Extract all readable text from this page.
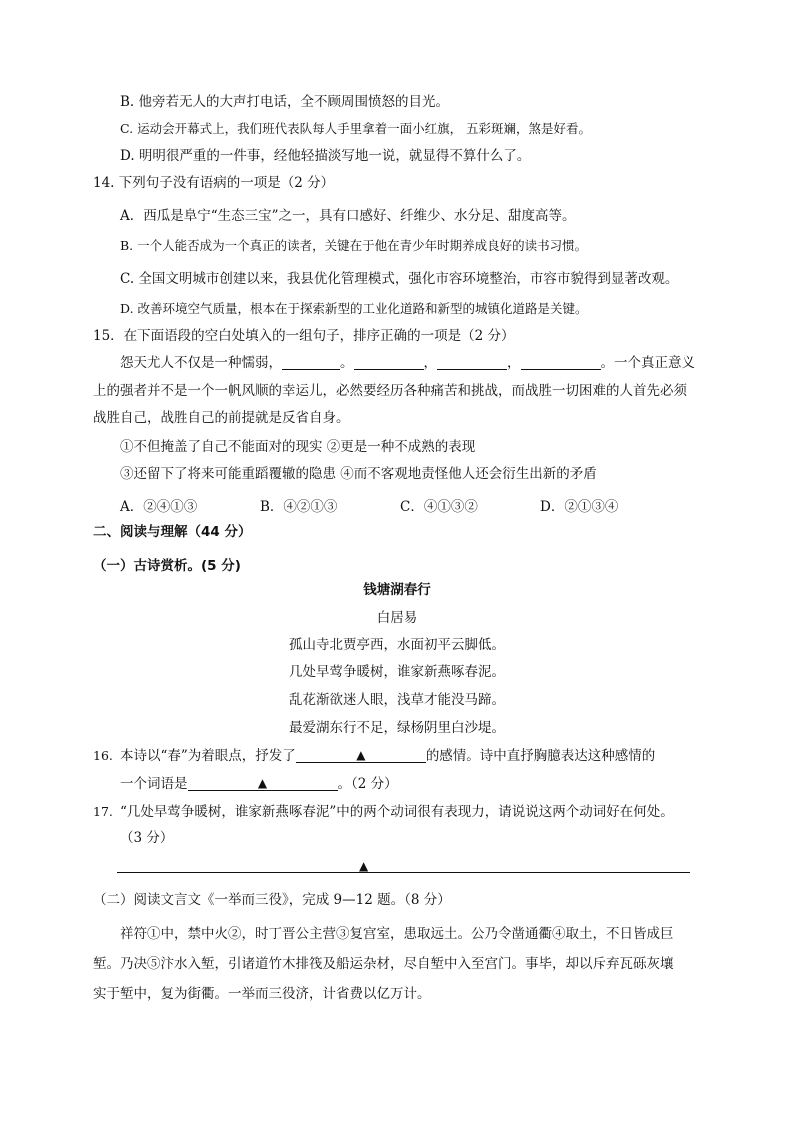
B. 他旁若无人的大声打电话，全不顾周围愤怒的目光。
C. 运动会开幕式上，我们班代表队每人手里拿着一面小红旗， 五彩斑斓，煞是好看。
D. 明明很严重的一件事，经他轻描淡写地一说，就显得不算什么了。
14. 下列句子没有语病的一项是（2 分）
A．西瓜是阜宁“生态三宝”之一，具有口感好、纤维少、水分足、甜度高等。
B. 一个人能否成为一个真正的读者，关键在于他在青少年时期养成良好的读书习惯。
C. 全国文明城市创建以来，我县优化管理模式，强化市容环境整治，市容市貌得到显著改观。
D. 改善环境空气质量，根本在于探索新型的工业化道路和新型的城镇化道路是关键。
15．在下面语段的空白处填入的一组句子，排序正确的一项是（2 分）
怨天尤人不仅是一种懦弱，	。	，	，	。一个真正意义
上的强者并不是一个一帆风顺的幸运儿，必然要经历各种痛苦和挑战，而战胜一切困难的人首先必须
战胜自己，战胜自己的前提就是反省自身。
①不但掩盖了自己不能面对的现实 ②更是一种不成熟的表现
③还留下了将来可能重蹈覆辙的隐患 ④而不客观地责怪他人还会衍生出新的矛盾
A．②④①③	B．④②①③	C．④①③②	D．②①③④
二、阅读与理解（44 分）
（一）古诗赏析。(5 分)
钱塘湖春行
白居易
孤山寺北贾亭西，水面初平云脚低。
几处早莺争暖树，谁家新燕啄春泥。
乱花渐欲迷人眼，浅草才能没马蹄。
最爱湖东行不足，绿杨阴里白沙堤。
16. 本诗以“春”为着眼点，抒发了	▲	的感情。诗中直抒胸臆表达这种感情的
一个词语是	▲	。（2 分）
17. “几处早莺争暖树，谁家新燕啄春泥”中的两个动词很有表现力，请说说这两个动词好在何处。
（3 分）
▲
（二）阅读文言文《一举而三役》，完成 9—12 题。（8 分）
祥符①中，禁中火②，时丁晋公主营③复宫室，患取远土。公乃令凿通衢④取土，不日皆成巨
堑。乃决⑤汴水入堑，引诸道竹木排筏及船运杂材，尽自堑中入至宫门。事毕，却以斥弃瓦砾灰壤
实于堑中，复为街衢。一举而三役济，计省费以亿万计。
